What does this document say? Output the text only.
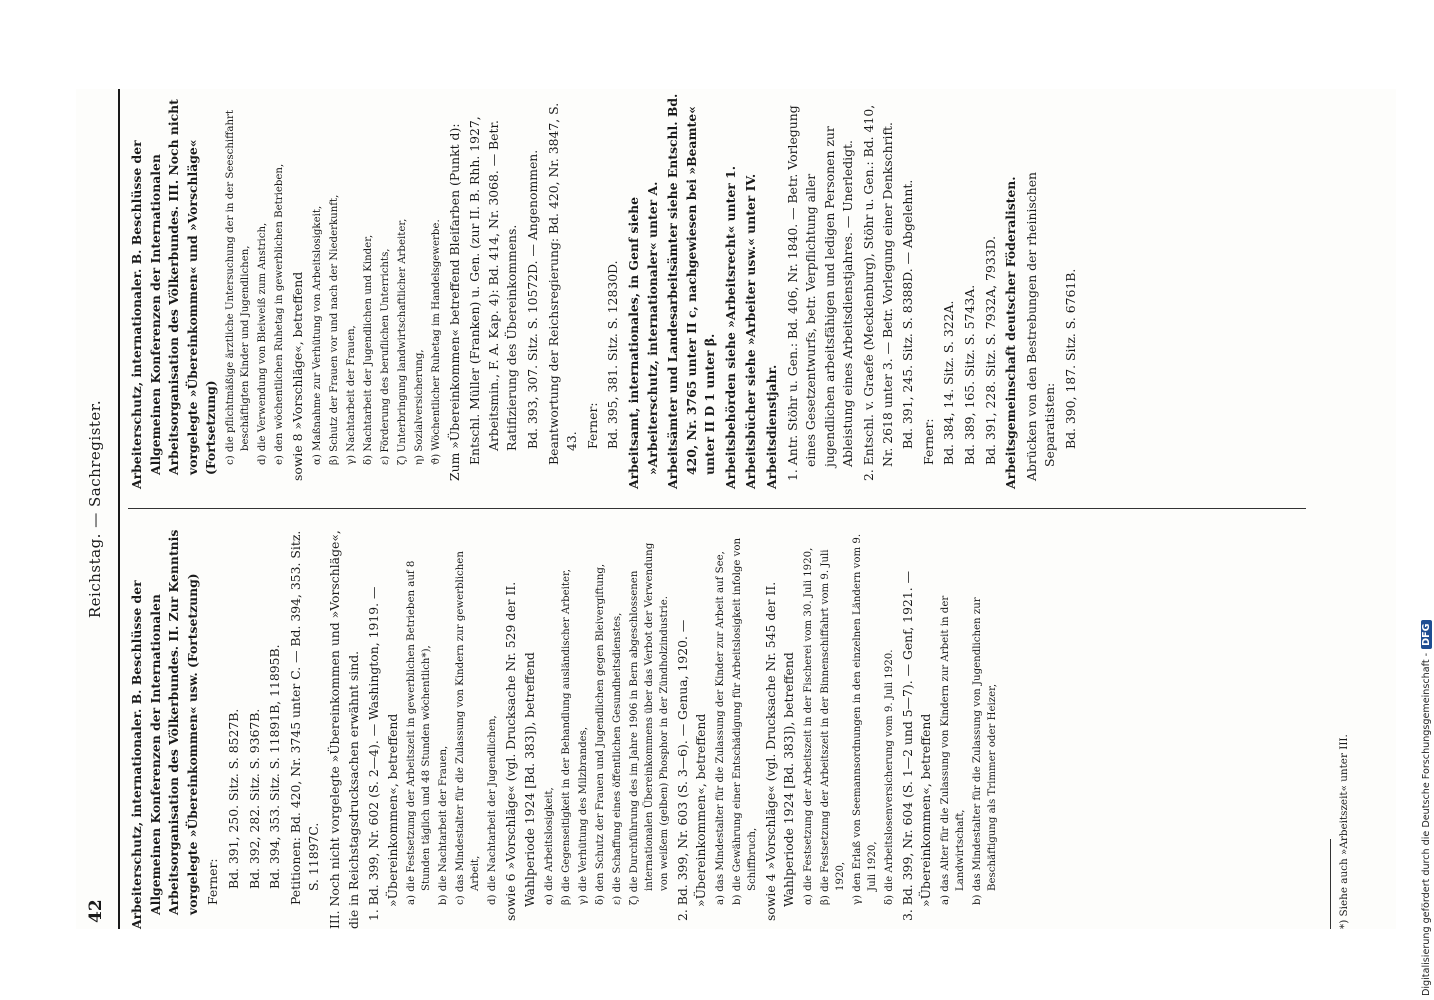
42
Reichstag. — Sachregister.

Arbeiterschutz, internationaler. B. Beschlüsse der Allgemeinen Konferenzen der Internationalen Arbeitsorganisation des Völkerbundes. II. Zur Kenntnis vorgelegte »Übereinkommen« usw. (Fortsetzung) Ferner: Bd. 391, 250. Sitz. S. 8527B. Bd. 392, 282. Sitz. S. 9367B. Bd. 394, 353. Sitz. S. 11891B, 11895B. Petitionen: Bd. 420, Nr. 3745 unter C. — Bd. 394, 353. Sitz. S. 11897C. III. Noch nicht vorgelegte »Übereinkommen und »Vorschläge«, die in Reichstagsdrucksachen erwähnt sind. 1. Bd. 399, Nr. 602 (S. 2—4). — Washington, 1919. — »Übereinkommen«, betreffend a) die Festsetzung der Arbeitszeit in gewerblichen Betrieben auf 8 Stunden täglich und 48 Stunden wöchentlich*), b) die Nachtarbeit der Frauen, c) das Mindestalter für die Zulassung von Kindern zur gewerblichen Arbeit, d) die Nachtarbeit der Jugendlichen, sowie 6 »Vorschläge« (vgl. Drucksache Nr. 529 der II. Wahlperiode 1924 [Bd. 383]), betreffend α) die Arbeitslosigkeit, β) die Gegenseitigkeit in der Behandlung ausländischer Arbeiter, γ) die Verhütung des Milzbrandes, δ) den Schutz der Frauen und Jugendlichen gegen Bleivergiftung, ε) die Schaffung eines öffentlichen Gesundheitsdienstes, ζ) die Durchführung des im Jahre 1906 in Bern abgeschlossenen internationalen Übereinkommens über das Verbot der Verwendung von weißem (gelben) Phosphor in der Zündholzindustrie. 2. Bd. 399, Nr. 603 (S. 3—6). — Genua, 1920. — »Übereinkommen«, betreffend a) das Mindestalter für die Zulassung der Kinder zur Arbeit auf See, b) die Gewährung einer Entschädigung für Arbeitslosigkeit infolge von Schiffbruch, sowie 4 »Vorschläge« (vgl. Drucksache Nr. 545 der II. Wahlperiode 1924 [Bd. 383]), betreffend α) die Festsetzung der Arbeitszeit in der Fischerei vom 30. Juli 1920, β) die Festsetzung der Arbeitszeit in der Binnenschiffahrt vom 9. Juli 1920, γ) den Erlaß von Seemannsordnungen in den einzelnen Ländern vom 9. Juli 1920, δ) die Arbeitslosenversicherung vom 9. Juli 1920. 3. Bd. 399, Nr. 604 (S. 1—2 und 5—7). — Genf, 1921. — »Übereinkommen«, betreffend a) das Alter für die Zulassung von Kindern zur Arbeit in der Landwirtschaft, b) das Mindestalter für die Zulassung von Jugendlichen zur Beschäftigung als Trimmer oder Heizer,

Arbeiterschutz, internationaler. B. Beschlüsse der Allgemeinen Konferenzen der Internationalen Arbeitsorganisation des Völkerbundes. III. Noch nicht vorgelegte »Übereinkommen« und »Vorschläge« (Fortsetzung) c) die pflichtmäßige ärztliche Untersuchung der in der Seeschiffahrt beschäftigten Kinder und Jugendlichen, d) die Verwendung von Bleiweiß zum Anstrich, e) den wöchentlichen Ruhetag in gewerblichen Betrieben, sowie 8 »Vorschläge«, betreffend α) Maßnahme zur Verhütung von Arbeitslosigkeit, β) Schutz der Frauen vor und nach der Niederkunft, γ) Nachtarbeit der Frauen, δ) Nachtarbeit der Jugendlichen und Kinder, ε) Förderung des beruflichen Unterrichts, ζ) Unterbringung landwirtschaftlicher Arbeiter, η) Sozialversicherung, ϑ) Wöchentlicher Ruhetag im Handelsgewerbe. Zum »Übereinkommen« betreffend Bleifarben (Punkt d): Entschl. Müller (Franken) u. Gen. (zur II. B. Rhh. 1927, Arbeitsmin., F. A. Kap. 4): Bd. 414, Nr. 3068. — Betr. Ratifizierung des Übereinkommens. Bd. 393, 307. Sitz. S. 10572D. — Angenommen. Beantwortung der Reichsregierung: Bd. 420, Nr. 3847, S. 43. Ferner: Bd. 395, 381. Sitz. S. 12830D. Arbeitsamt, internationales, in Genf siehe »Arbeiterschutz, internationaler« unter A. Arbeitsämter und Landesarbeitsämter siehe Entschl. Bd. 420, Nr. 3765 unter II c, nachgewiesen bei »Beamte« unter II D 1 unter β. Arbeitsbehörden siehe »Arbeitsrecht« unter 1. Arbeitsbücher siehe »Arbeiter usw.« unter IV. Arbeitsdienstjahr. 1. Antr. Stöhr u. Gen.: Bd. 406, Nr. 1840. — Betr. Vorlegung eines Gesetzentwurfs, betr. Verpflichtung aller jugendlichen arbeitsfähigen und ledigen Personen zur Ableistung eines Arbeitsdienstjahres. — Unerledigt. 2. Entschl. v. Graefe (Mecklenburg), Stöhr u. Gen.: Bd. 410, Nr. 2618 unter 3. — Betr. Vorlegung einer Denkschrift. Bd. 391, 245. Sitz. S. 8388D. — Abgelehnt. Ferner: Bd. 384, 14. Sitz. S. 322A. Bd. 389, 165. Sitz. S. 5743A. Bd. 391, 228. Sitz. S. 7932A, 7933D. Arbeitsgemeinschaft deutscher Föderalisten. Abrücken von den Bestrebungen der rheinischen Separatisten: Bd. 390, 187. Sitz. S. 6761B.

*) Siehe auch »Arbeitszeit« unter III.	Digitalisierung gefördert durch die Deutsche Forschungsgemeinschaft -DFG
